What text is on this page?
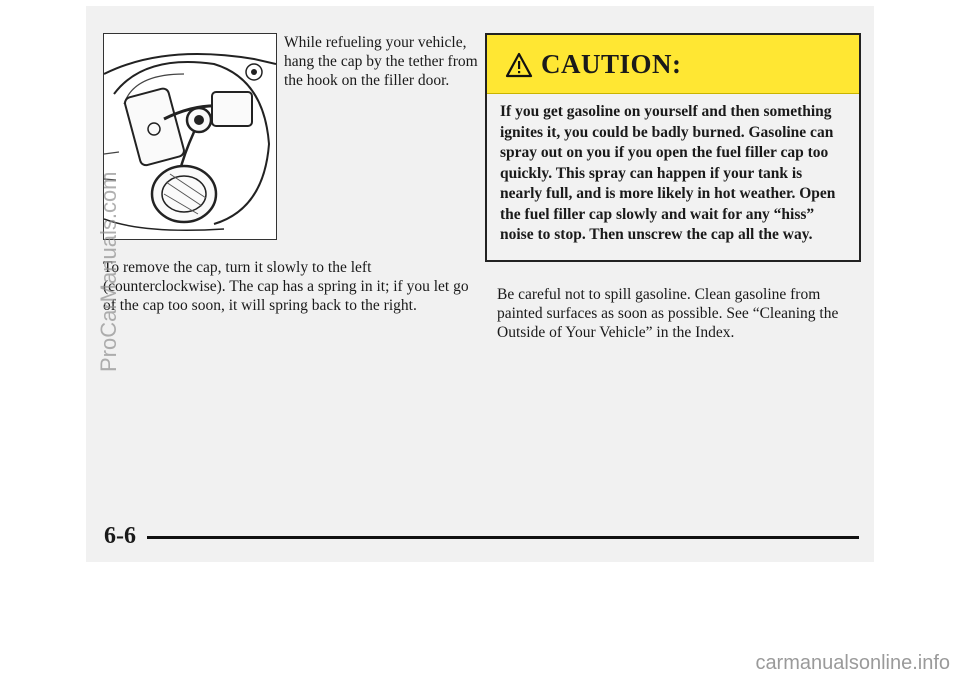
While refueling your vehicle, hang the cap by the tether from the hook on the filler door.

To remove the cap, turn it slowly to the left (counterclockwise). The cap has a spring in it; if you let go of the cap too soon, it will spring back to the right.

CAUTION:

If you get gasoline on yourself and then something ignites it, you could be badly burned. Gasoline can spray out on you if you open the fuel filler cap too quickly. This spray can happen if your tank is nearly full, and is more likely in hot weather. Open the fuel filler cap slowly and wait for any “hiss” noise to stop. Then unscrew the cap all the way.

Be careful not to spill gasoline. Clean gasoline from painted surfaces as soon as possible. See “Cleaning the Outside of Your Vehicle” in the Index.

6-6
ProCarManuals.com
carmanualsonline.info
